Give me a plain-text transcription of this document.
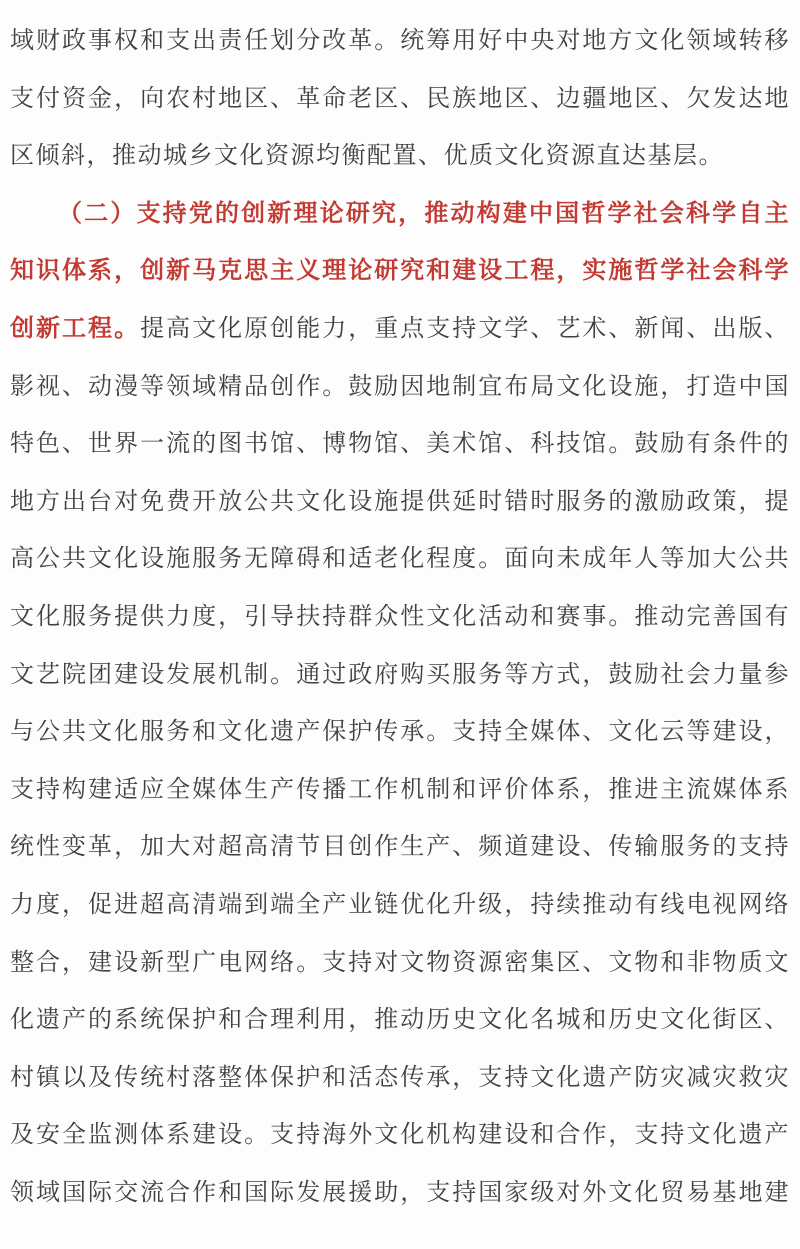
域财政事权和支出责任划分改革。统筹用好中央对地方文化领域转移
支付资金，向农村地区、革命老区、民族地区、边疆地区、欠发达地
区倾斜，推动城乡文化资源均衡配置、优质文化资源直达基层。
（二）支持党的创新理论研究，推动构建中国哲学社会科学自主
知识体系，创新马克思主义理论研究和建设工程，实施哲学社会科学
创新工程。提高文化原创能力，重点支持文学、艺术、新闻、出版、
影视、动漫等领域精品创作。鼓励因地制宜布局文化设施，打造中国
特色、世界一流的图书馆、博物馆、美术馆、科技馆。鼓励有条件的
地方出台对免费开放公共文化设施提供延时错时服务的激励政策，提
高公共文化设施服务无障碍和适老化程度。面向未成年人等加大公共
文化服务提供力度，引导扶持群众性文化活动和赛事。推动完善国有
文艺院团建设发展机制。通过政府购买服务等方式，鼓励社会力量参
与公共文化服务和文化遗产保护传承。支持全媒体、文化云等建设，
支持构建适应全媒体生产传播工作机制和评价体系，推进主流媒体系
统性变革，加大对超高清节目创作生产、频道建设、传输服务的支持
力度，促进超高清端到端全产业链优化升级，持续推动有线电视网络
整合，建设新型广电网络。支持对文物资源密集区、文物和非物质文
化遗产的系统保护和合理利用，推动历史文化名城和历史文化街区、
村镇以及传统村落整体保护和活态传承，支持文化遗产防灾减灾救灾
及安全监测体系建设。支持海外文化机构建设和合作，支持文化遗产
领域国际交流合作和国际发展援助，支持国家级对外文化贸易基地建
